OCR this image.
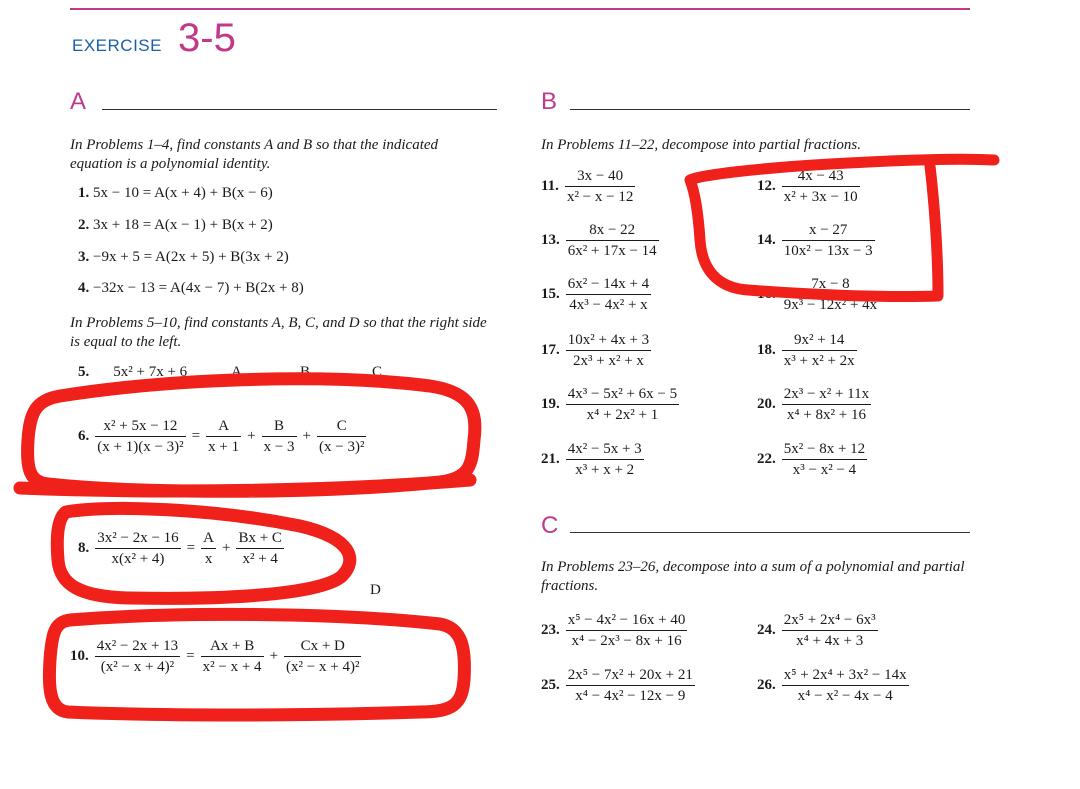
EXERCISE 3-5
A
In Problems 1–4, find constants A and B so that the indicated equation is a polynomial identity.
1. 5x − 10 = A(x + 4) + B(x − 6)
2. 3x + 18 = A(x − 1) + B(x + 2)
3. −9x + 5 = A(2x + 5) + B(3x + 2)
4. −32x − 13 = A(4x − 7) + B(2x + 8)
In Problems 5–10, find constants A, B, C, and D so that the right side is equal to the left.
5. 5x² + 7x + 6	A	B	C
6. $\frac{\text{x² + 5x − 12}}{\text{(x + 1)(x − 3)²}} = \frac{A}{x + 1} + \frac{B}{x - 3} + \frac{C}{\text{(x − 3)²}}$
7.
8. $\frac{\text{3x² − 2x − 16}}{\text{x(x² + 4)}} = \frac{A}{x} + \frac{Bx + C}{\text{x² + 4}}$
D
10. $\frac{\text{4x² − 2x + 13}}{\text{(x² − x + 4)²}} = \frac{Ax + B}{\text{x² − x + 4}} + \frac{Cx + D}{\text{(x² − x + 4)²}}$
B
In Problems 11–22, decompose into partial fractions.
11. $\frac{3x - 40}{\text{x² − x − 12}}$
13. $\frac{8x - 22}{\text{6x² + 17x − 14}}$
15. $\frac{\text{6x² − 14x + 4}}{\text{4x³ − 4x² + x}}$
17. $\frac{\text{10x² + 4x + 3}}{\text{2x³ + x² + x}}$
19. $\frac{\text{4x³ − 5x² + 6x − 5}}{\text{x⁴ + 2x² + 1}}$
21. $\frac{\text{4x² − 5x + 3}}{\text{x³ + x + 2}}$
12. $\frac{4x - 43}{\text{x² + 3x − 10}}$
14. $\frac{x - 27}{\text{10x² − 13x − 3}}$
16. $\frac{7x - 8}{\text{9x³ − 12x² + 4x}}$
18. $\frac{\text{9x² + 14}}{\text{x³ + x² + 2x}}$
20. $\frac{\text{2x³ − x² + 11x}}{\text{x⁴ + 8x² + 16}}$
22. $\frac{\text{5x² − 8x + 12}}{\text{x³ − x² − 4}}$
C
In Problems 23–26, decompose into a sum of a polynomial and partial fractions.
23. $\frac{\text{x⁵ − 4x² − 16x + 40}}{\text{x⁴ − 2x³ − 8x + 16}}$	24. $\frac{\text{2x⁵ + 2x⁴ − 6x³}}{\text{x⁴ + 4x + 3}}$
25. $\frac{\text{2x⁵ − 7x² + 20x + 21}}{\text{x⁴ − 4x² − 12x − 9}}$	26. $\frac{\text{x⁵ + 2x⁴ + 3x² − 14x}}{\text{x⁴ − x² − 4x − 4}}$
